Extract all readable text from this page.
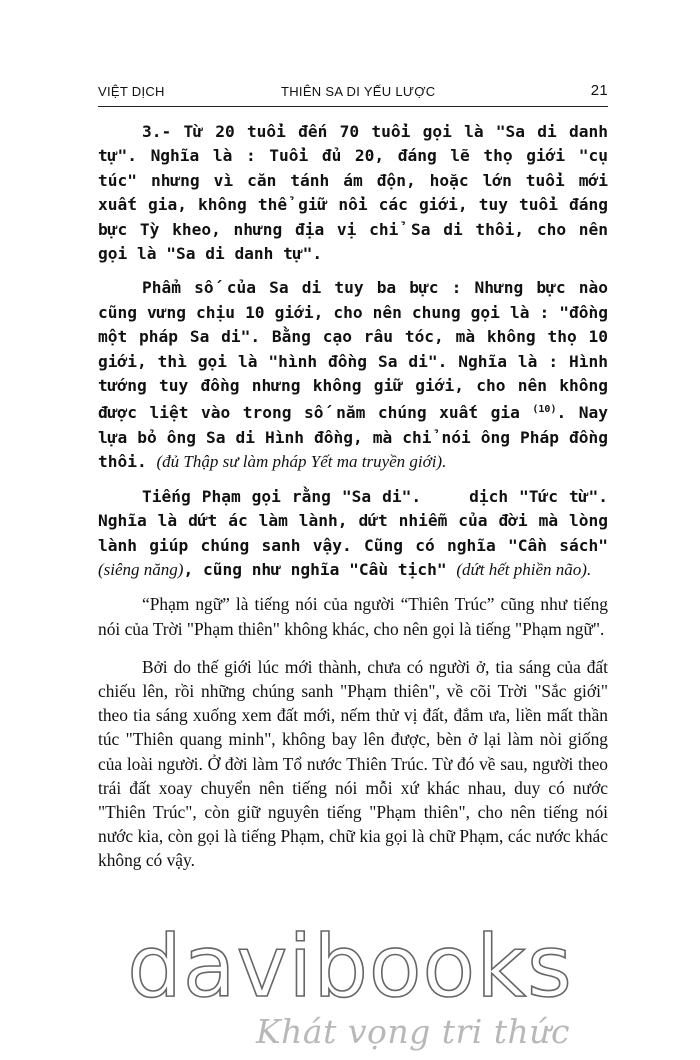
VIỆT DỊCH	THIÊN SA DI YẾU LƯỢC	21

3.- Từ 20 tuổi đến 70 tuổi gọi là "Sa di danh tự". Nghĩa là : Tuổi đủ 20, đáng lẽ thọ giới "cụ túc" nhưng vì căn tánh ám độn, hoặc lớn tuổi mới xuất gia, không thể giữ nổi các giới, tuy tuổi đáng bực Tỳ kheo, nhưng địa vị chỉ Sa di thôi, cho nên gọi là "Sa di danh tự".

Phẩm số của Sa di tuy ba bực : Nhưng bực nào cũng vưng chịu 10 giới, cho nên chung gọi là : "đồng một pháp Sa di". Bằng cạo râu tóc, mà không thọ 10 giới, thì gọi là "hình đồng Sa di". Nghĩa là : Hình tướng tuy đồng nhưng không giữ giới, cho nên không được liệt vào trong số năm chúng xuất gia $^{(10)}$. Nay lựa bỏ ông Sa di Hình đồng, mà chỉ nói ông Pháp đồng thôi. (đủ Thập sư làm pháp Yết ma truyền giới).

Tiếng Phạm gọi rằng "Sa di".	dịch "Tức từ". Nghĩa là dứt ác làm lành, dứt nhiễm của đời mà lòng lành giúp chúng sanh vậy. Cũng có nghĩa "Cần sách" (siêng năng), cũng như nghĩa "Cầu tịch" (dứt hết phiền não).

“Phạm ngữ” là tiếng nói của người “Thiên Trúc” cũng như tiếng nói của Trời "Phạm thiên" không khác, cho nên gọi là tiếng "Phạm ngữ".

Bởi do thế giới lúc mới thành, chưa có người ở, tia sáng của đất chiếu lên, rồi những chúng sanh "Phạm thiên", về cõi Trời "Sắc giới" theo tia sáng xuống xem đất mới, nếm thử vị đất, đắm ưa, liền mất thần túc "Thiên quang minh", không bay lên được, bèn ở lại làm nòi giống của loài người. Ở đời làm Tổ nước Thiên Trúc. Từ đó về sau, người theo trái đất xoay chuyển nên tiếng nói mỗi xứ khác nhau, duy có nước "Thiên Trúc", còn giữ nguyên tiếng "Phạm thiên", cho nên tiếng nói nước kia, còn gọi là tiếng Phạm, chữ kia gọi là chữ Phạm, các nước khác không có vậy.

davibooks
Khát vọng tri thức
